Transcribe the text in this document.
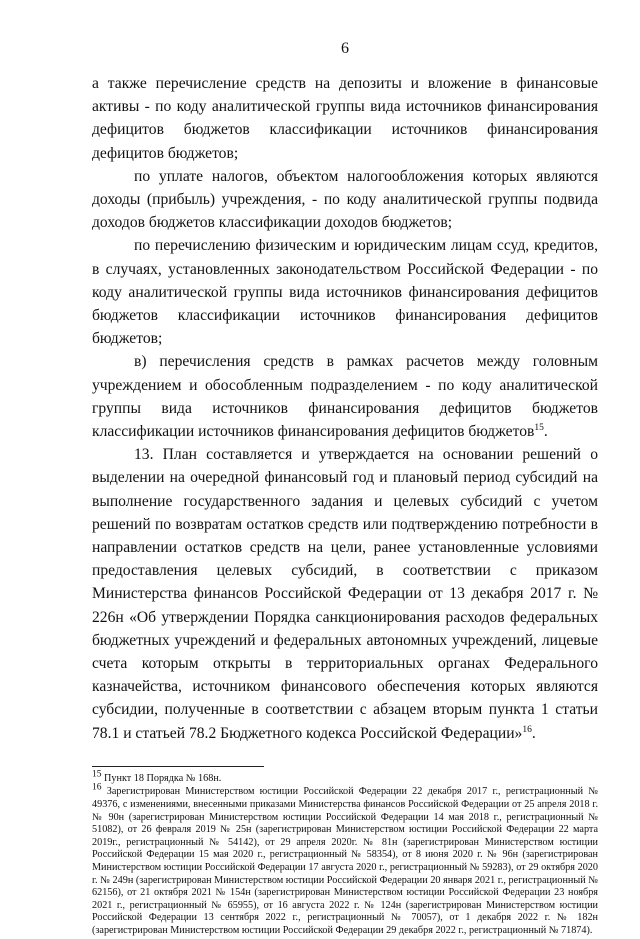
6

а также перечисление средств на депозиты и вложение в финансовые активы - по коду аналитической группы вида источников финансирования дефицитов бюджетов классификации источников финансирования дефицитов бюджетов;

по уплате налогов, объектом налогообложения которых являются доходы (прибыль) учреждения, - по коду аналитической группы подвида доходов бюджетов классификации доходов бюджетов;

по перечислению физическим и юридическим лицам ссуд, кредитов, в случаях, установленных законодательством Российской Федерации - по коду аналитической группы вида источников финансирования дефицитов бюджетов классификации источников финансирования дефицитов бюджетов;

в) перечисления средств в рамках расчетов между головным учреждением и обособленным подразделением - по коду аналитической группы вида источников финансирования дефицитов бюджетов классификации источников финансирования дефицитов бюджетов$^{15}$.

13. План составляется и утверждается на основании решений о выделении на очередной финансовый год и плановый период субсидий на выполнение государственного задания и целевых субсидий с учетом решений по возвратам остатков средств или подтверждению потребности в направлении остатков средств на цели, ранее установленные условиями предоставления целевых субсидий, в соответствии с приказом Министерства финансов Российской Федерации от 13 декабря 2017 г. № 226н «Об утверждении Порядка санкционирования расходов федеральных бюджетных учреждений и федеральных автономных учреждений, лицевые счета которым открыты в территориальных органах Федерального казначейства, источником финансового обеспечения которых являются субсидии, полученные в соответствии с абзацем вторым пункта 1 статьи 78.1 и статьей 78.2 Бюджетного кодекса Российской Федерации»$^{16}$.

$^{15}$ Пункт 18 Порядка № 168н.

$^{16}$ Зарегистрирован Министерством юстиции Российской Федерации 22 декабря 2017 г., регистрационный № 49376, с изменениями, внесенными приказами Министерства финансов Российской Федерации от 25 апреля 2018 г. № 90н (зарегистрирован Министерством юстиции Российской Федерации 14 мая 2018 г., регистрационный № 51082), от 26 февраля 2019 № 25н (зарегистрирован Министерством юстиции Российской Федерации 22 марта 2019г., регистрационный № 54142), от 29 апреля 2020г. № 81н (зарегистрирован Министерством юстиции Российской Федерации 15 мая 2020 г., регистрационный № 58354), от 8 июня 2020 г. № 96н (зарегистрирован Министерством юстиции Российской Федерации 17 августа 2020 г., регистрационный № 59283), от 29 октября 2020 г. № 249н (зарегистрирован Министерством юстиции Российской Федерации 20 января 2021 г., регистрационный № 62156), от 21 октября 2021 № 154н (зарегистрирован Министерством юстиции Российской Федерации 23 ноября 2021 г., регистрационный № 65955), от 16 августа 2022 г. № 124н (зарегистрирован Министерством юстиции Российской Федерации 13 сентября 2022 г., регистрационный № 70057), от 1 декабря 2022 г. № 182н (зарегистрирован Министерством юстиции Российской Федерации 29 декабря 2022 г., регистрационный № 71874).
